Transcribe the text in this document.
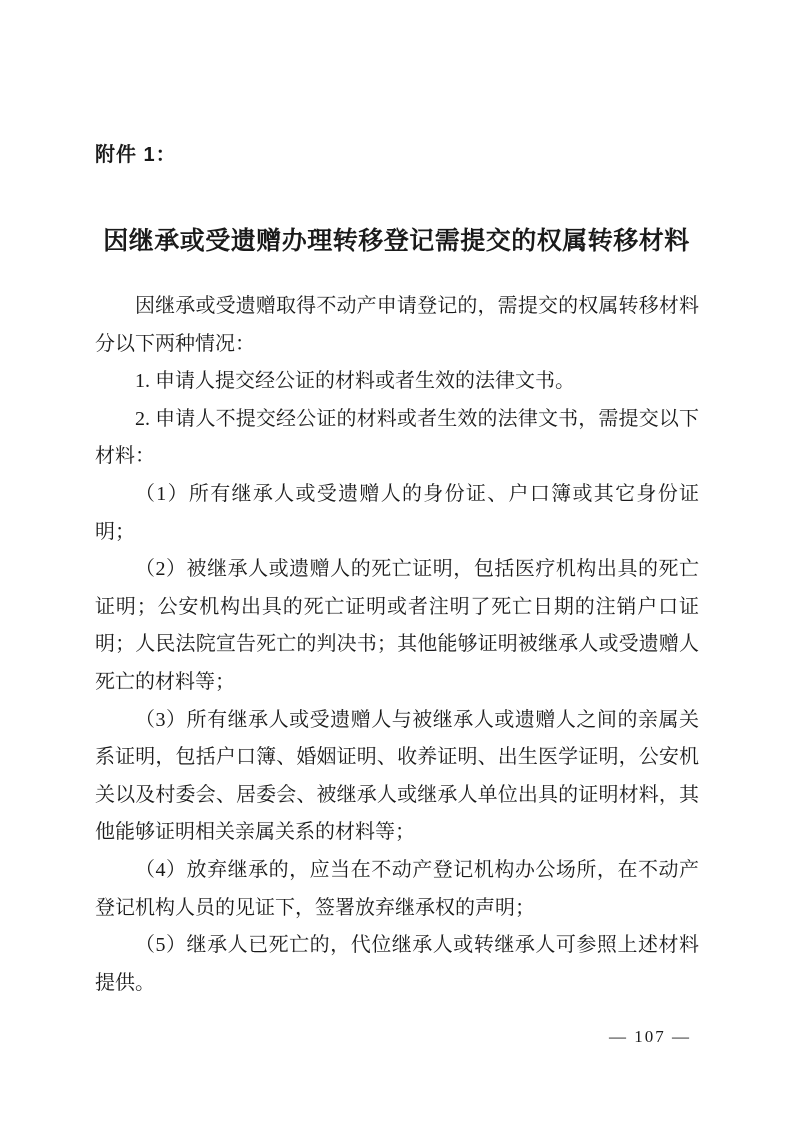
附件 1：
因继承或受遗赠办理转移登记需提交的权属转移材料

因继承或受遗赠取得不动产申请登记的，需提交的权属转移材料分以下两种情况：

1. 申请人提交经公证的材料或者生效的法律文书。

2. 申请人不提交经公证的材料或者生效的法律文书，需提交以下材料：

（1）所有继承人或受遗赠人的身份证、户口簿或其它身份证明；

（2）被继承人或遗赠人的死亡证明，包括医疗机构出具的死亡证明；公安机构出具的死亡证明或者注明了死亡日期的注销户口证明；人民法院宣告死亡的判决书；其他能够证明被继承人或受遗赠人死亡的材料等；

（3）所有继承人或受遗赠人与被继承人或遗赠人之间的亲属关系证明，包括户口簿、婚姻证明、收养证明、出生医学证明，公安机关以及村委会、居委会、被继承人或继承人单位出具的证明材料，其他能够证明相关亲属关系的材料等；

（4）放弃继承的，应当在不动产登记机构办公场所，在不动产登记机构人员的见证下，签署放弃继承权的声明；

（5）继承人已死亡的，代位继承人或转继承人可参照上述材料提供。

— 107 —
